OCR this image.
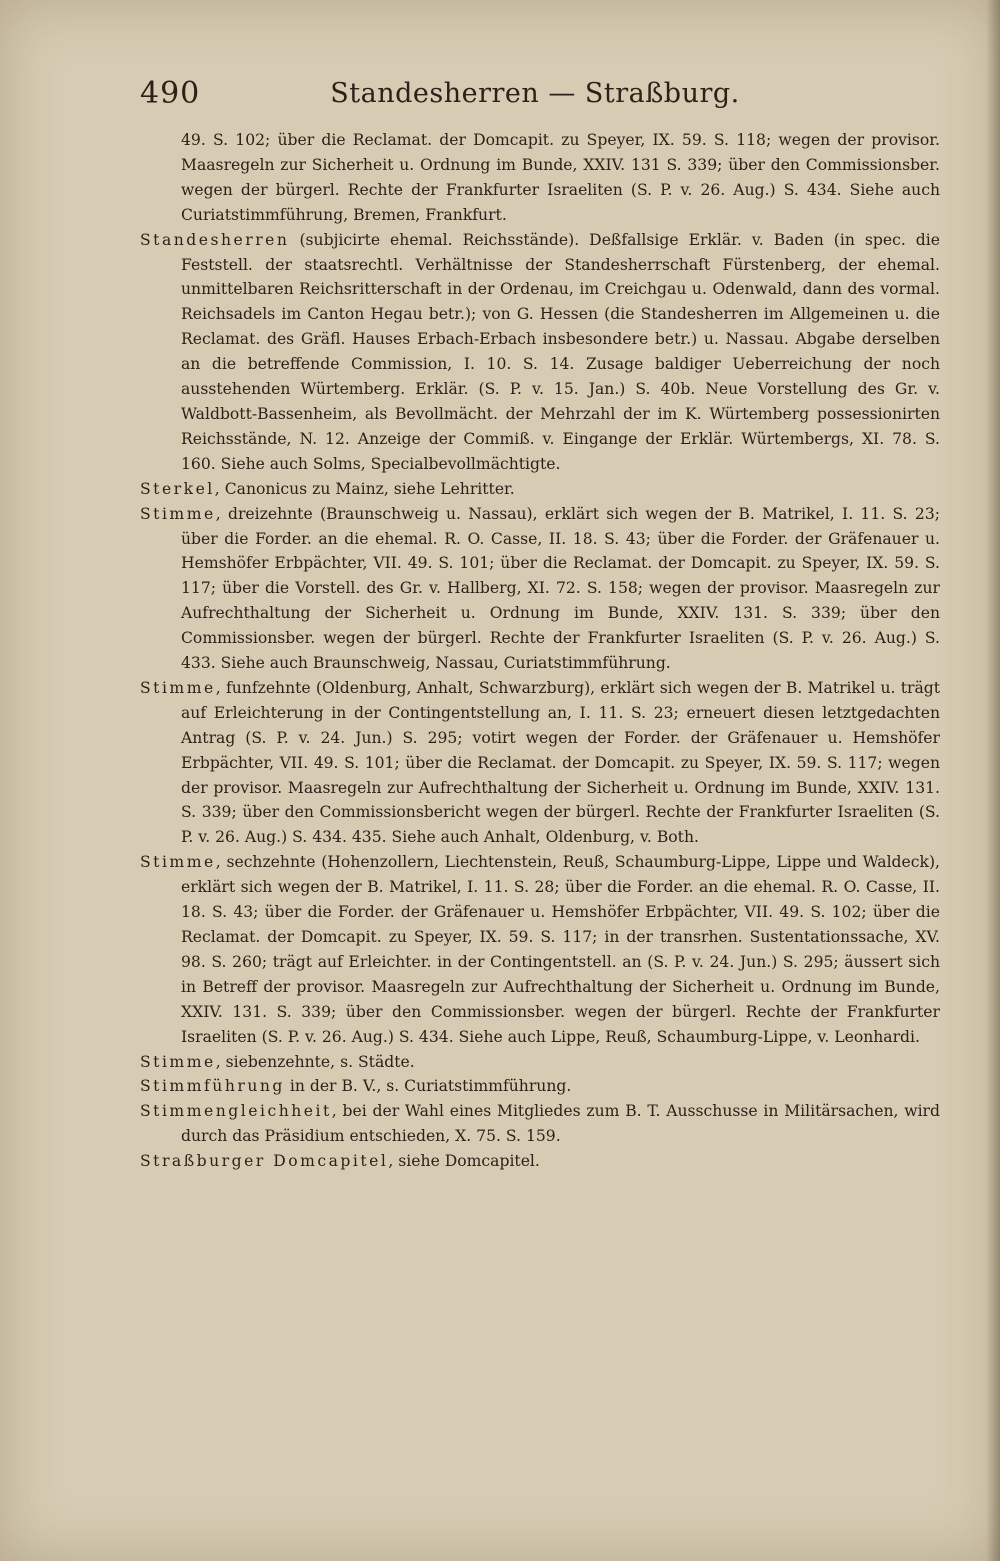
490	Standesherren — Straßburg.

49. S. 102; über die Reclamat. der Domcapit. zu Speyer, IX. 59. S. 118; wegen der provisor. Maasregeln zur Sicherheit u. Ordnung im Bunde, XXIV. 131 S. 339; über den Commissionsber. wegen der bürgerl. Rechte der Frankfurter Israeliten (S. P. v. 26. Aug.) S. 434. Siehe auch Curiatstimmführung, Bremen, Frankfurt.

Standesherren (subjicirte ehemal. Reichsstände). Deßfallsige Erklär. v. Baden (in spec. die Feststell. der staatsrechtl. Verhältnisse der Standesherrschaft Fürstenberg, der ehemal. unmittelbaren Reichsritterschaft in der Ordenau, im Creichgau u. Odenwald, dann des vormal. Reichsadels im Canton Hegau betr.); von G. Hessen (die Standesherren im Allgemeinen u. die Reclamat. des Gräfl. Hauses Erbach-Erbach insbesondere betr.) u. Nassau. Abgabe derselben an die betreffende Commission, I. 10. S. 14. Zusage baldiger Ueberreichung der noch ausstehenden Würtemberg. Erklär. (S. P. v. 15. Jan.) S. 40b. Neue Vorstellung des Gr. v. Waldbott-Bassenheim, als Bevollmächt. der Mehrzahl der im K. Würtemberg possessionirten Reichsstände, N. 12. Anzeige der Commiß. v. Eingange der Erklär. Würtembergs, XI. 78. S. 160. Siehe auch Solms, Specialbevollmächtigte.

Sterkel, Canonicus zu Mainz, siehe Lehritter.

Stimme, dreizehnte (Braunschweig u. Nassau), erklärt sich wegen der B. Matrikel, I. 11. S. 23; über die Forder. an die ehemal. R. O. Casse, II. 18. S. 43; über die Forder. der Gräfenauer u. Hemshöfer Erbpächter, VII. 49. S. 101; über die Reclamat. der Domcapit. zu Speyer, IX. 59. S. 117; über die Vorstell. des Gr. v. Hallberg, XI. 72. S. 158; wegen der provisor. Maasregeln zur Aufrechthaltung der Sicherheit u. Ordnung im Bunde, XXIV. 131. S. 339; über den Commissionsber. wegen der bürgerl. Rechte der Frankfurter Israeliten (S. P. v. 26. Aug.) S. 433. Siehe auch Braunschweig, Nassau, Curiatstimmführung.

Stimme, funfzehnte (Oldenburg, Anhalt, Schwarzburg), erklärt sich wegen der B. Matrikel u. trägt auf Erleichterung in der Contingentstellung an, I. 11. S. 23; erneuert diesen letztgedachten Antrag (S. P. v. 24. Jun.) S. 295; votirt wegen der Forder. der Gräfenauer u. Hemshöfer Erbpächter, VII. 49. S. 101; über die Reclamat. der Domcapit. zu Speyer, IX. 59. S. 117; wegen der provisor. Maasregeln zur Aufrechthaltung der Sicherheit u. Ordnung im Bunde, XXIV. 131. S. 339; über den Commissionsbericht wegen der bürgerl. Rechte der Frankfurter Israeliten (S. P. v. 26. Aug.) S. 434. 435. Siehe auch Anhalt, Oldenburg, v. Both.

Stimme, sechzehnte (Hohenzollern, Liechtenstein, Reuß, Schaumburg-Lippe, Lippe und Waldeck), erklärt sich wegen der B. Matrikel, I. 11. S. 28; über die Forder. an die ehemal. R. O. Casse, II. 18. S. 43; über die Forder. der Gräfenauer u. Hemshöfer Erbpächter, VII. 49. S. 102; über die Reclamat. der Domcapit. zu Speyer, IX. 59. S. 117; in der transrhen. Sustentationssache, XV. 98. S. 260; trägt auf Erleichter. in der Contingentstell. an (S. P. v. 24. Jun.) S. 295; äussert sich in Betreff der provisor. Maasregeln zur Aufrechthaltung der Sicherheit u. Ordnung im Bunde, XXIV. 131. S. 339; über den Commissionsber. wegen der bürgerl. Rechte der Frankfurter Israeliten (S. P. v. 26. Aug.) S. 434. Siehe auch Lippe, Reuß, Schaumburg-Lippe, v. Leonhardi.

Stimme, siebenzehnte, s. Städte.

Stimmführung in der B. V., s. Curiatstimmführung.

Stimmengleichheit, bei der Wahl eines Mitgliedes zum B. T. Ausschusse in Militärsachen, wird durch das Präsidium entschieden, X. 75. S. 159.

Straßburger Domcapitel, siehe Domcapitel.
